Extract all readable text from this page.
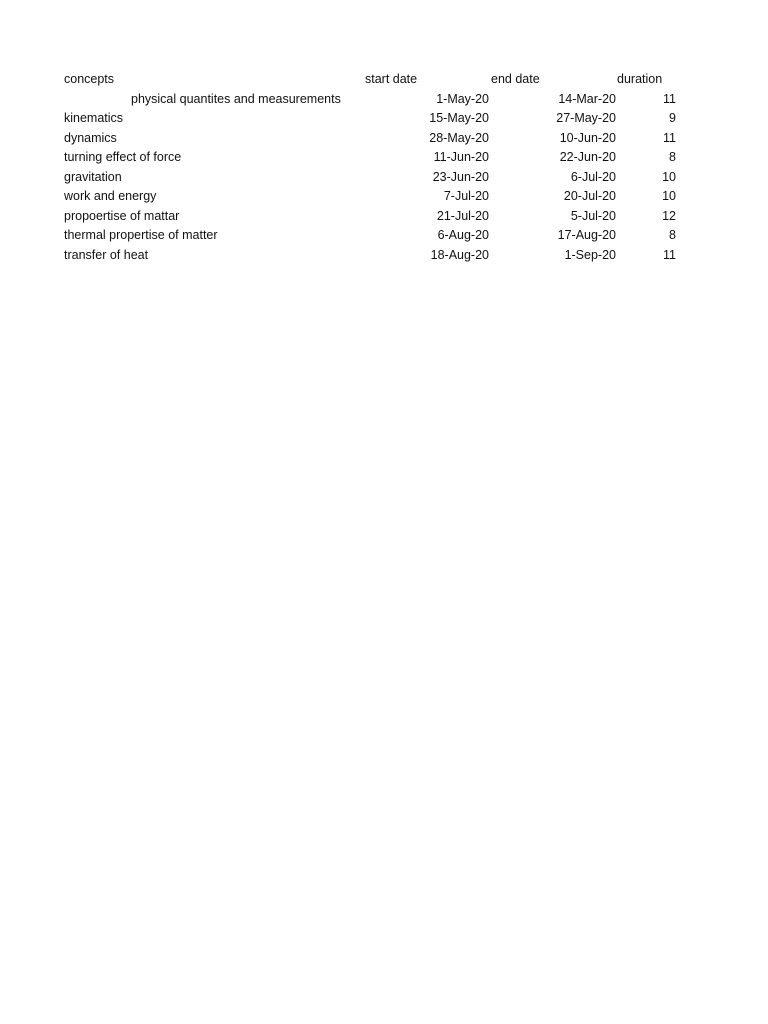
concepts	start date	end date	duration
physical quantites and measurements	1-May-20	14-Mar-20	11
kinematics	15-May-20	27-May-20	9
dynamics	28-May-20	10-Jun-20	11
turning effect of force	11-Jun-20	22-Jun-20	8
gravitation	23-Jun-20	6-Jul-20	10
work and energy	7-Jul-20	20-Jul-20	10
propoertise of mattar	21-Jul-20	5-Jul-20	12
thermal propertise of matter	6-Aug-20	17-Aug-20	8
transfer of heat	18-Aug-20	1-Sep-20	11
